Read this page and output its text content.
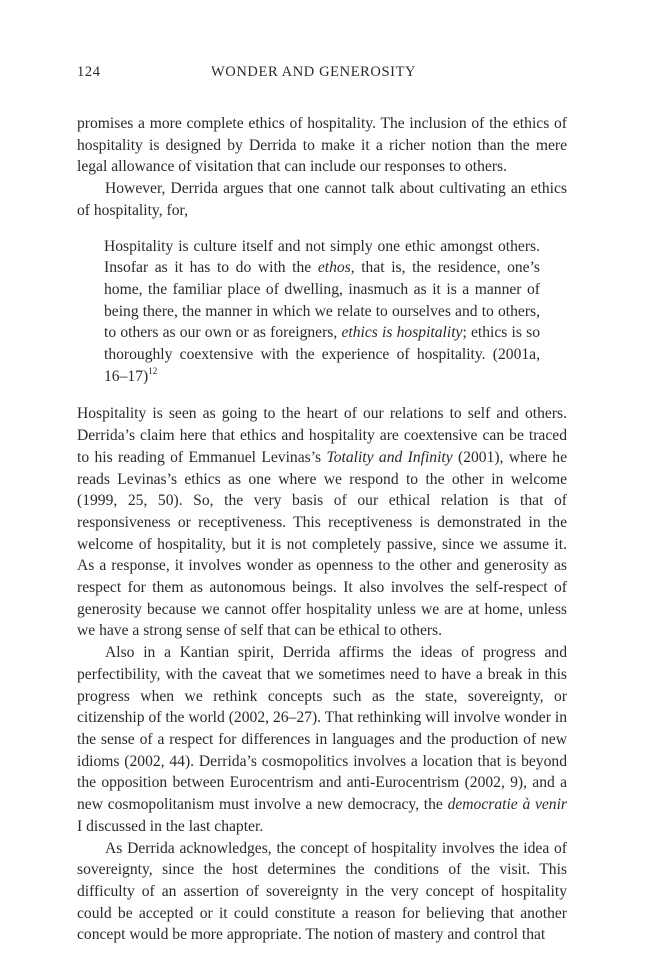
124	WONDER AND GENEROSITY

promises a more complete ethics of hospitality. The inclusion of the ethics of hospitality is designed by Derrida to make it a richer notion than the mere legal allowance of visitation that can include our responses to others.

However, Derrida argues that one cannot talk about cultivating an ethics of hospitality, for,

Hospitality is culture itself and not simply one ethic amongst others. Insofar as it has to do with the ethos, that is, the residence, one’s home, the familiar place of dwelling, inasmuch as it is a manner of being there, the manner in which we relate to ourselves and to others, to others as our own or as foreigners, ethics is hospitality; ethics is so thoroughly coextensive with the experience of hospitality. (2001a, 16–17)$^{12}$

Hospitality is seen as going to the heart of our relations to self and others. Derrida’s claim here that ethics and hospitality are coextensive can be traced to his reading of Emmanuel Levinas’s Totality and Infinity (2001), where he reads Levinas’s ethics as one where we respond to the other in welcome (1999, 25, 50). So, the very basis of our ethical relation is that of responsiveness or receptiveness. This receptiveness is demonstrated in the welcome of hospitality, but it is not completely passive, since we assume it. As a response, it involves wonder as openness to the other and generosity as respect for them as autonomous beings. It also involves the self-respect of generosity because we cannot offer hospitality unless we are at home, unless we have a strong sense of self that can be ethical to others.

Also in a Kantian spirit, Derrida affirms the ideas of progress and perfectibility, with the caveat that we sometimes need to have a break in this progress when we rethink concepts such as the state, sovereignty, or citizenship of the world (2002, 26–27). That rethinking will involve wonder in the sense of a respect for differences in languages and the production of new idioms (2002, 44). Derrida’s cosmopolitics involves a location that is beyond the opposition between Eurocentrism and anti-Eurocentrism (2002, 9), and a new cosmopolitanism must involve a new democracy, the democratie à venir I discussed in the last chapter.

As Derrida acknowledges, the concept of hospitality involves the idea of sovereignty, since the host determines the conditions of the visit. This difficulty of an assertion of sovereignty in the very concept of hospitality could be accepted or it could constitute a reason for believing that another concept would be more appropriate. The notion of mastery and control that
